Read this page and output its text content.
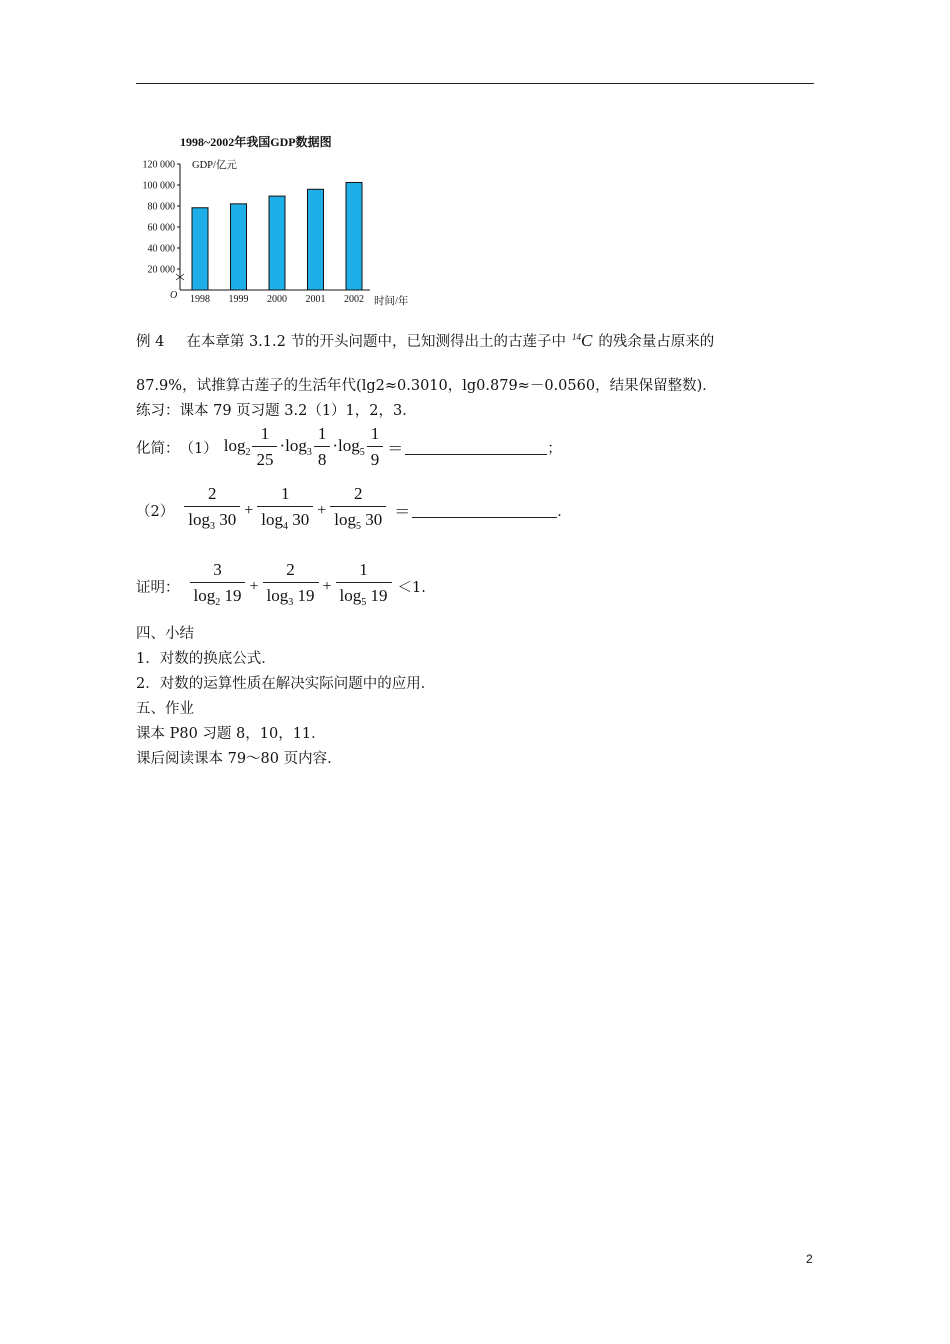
1998~2002年我国GDP数据图
GDP/亿元
O
时间/年
20 000
40 000
60 000
80 000
100 000
120 000
1998 1999 2000 2001 2002
例 4 在本章第 3.1.2 节的开头问题中，已知测得出土的古莲子中 $^{14}$C 的残余量占原来的
87.9%，试推算古莲子的生活年代(lg2≈0.3010，lg0.879≈－0.0560，结果保留整数)．
练习：课本 79 页习题 3.2（1）1，2，3．
化简： （1） $\log_2 \frac{1}{25} \cdot\log_3 \frac{1}{8} \cdot\log_5 \frac{1}{9}$ ＝	；
$(2) \frac{2}{\log_3 30} + \frac{1}{\log_4 30} + \frac{2}{\log_5 30}$ ＝	．
证明： $\frac{3}{\log_2 19} + \frac{2}{\log_3 19} + \frac{1}{\log_5 19} <1$.
四、小结
1．对数的换底公式．
2．对数的运算性质在解决实际问题中的应用．
五、作业
课本 P80 习题 8，10，11．
课后阅读课本 79～80 页内容．
2
